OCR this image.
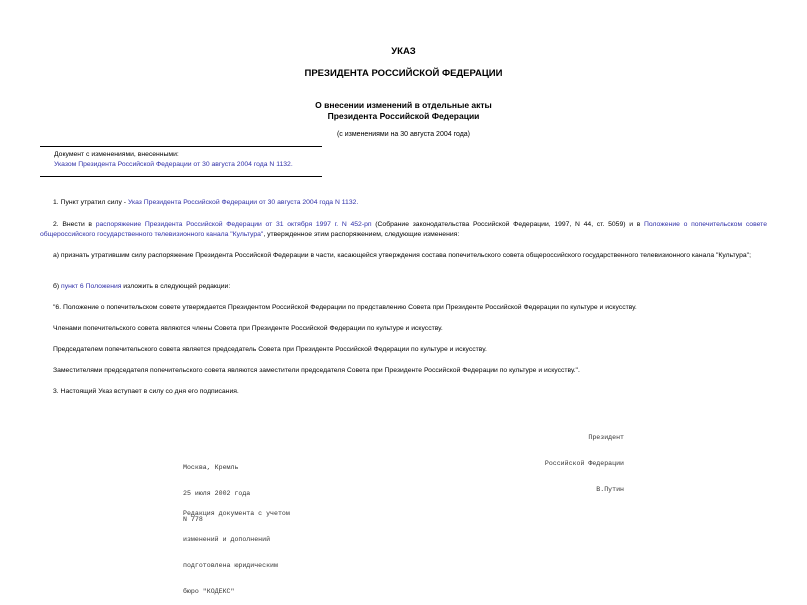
УКАЗ
ПРЕЗИДЕНТА РОССИЙСКОЙ ФЕДЕРАЦИИ
О внесении изменений в отдельные акты
Президента Российской Федерации
(с изменениями на 30 августа 2004 года)
Документ с изменениями, внесенными:
Указом Президента Российской Федерации от 30 августа 2004 года N 1132.
1. Пункт утратил силу - Указ Президента Российской Федерации от 30 августа 2004 года N 1132.
2. Внести в распоряжение Президента Российской Федерации от 31 октября 1997 г. N 452-рп (Собрание законодательства Российской Федерации, 1997, N 44, ст. 5059) и в Положение о попечительском совете общероссийского государственного телевизионного канала "Культура", утвержденное этим распоряжением, следующие изменения:
а) признать утратившим силу распоряжение Президента Российской Федерации в части, касающейся утверждения состава попечительского совета общероссийского государственного телевизионного канала "Культура";
б) пункт 6 Положения изложить в следующей редакции:
"6. Положение о попечительском совете утверждается Президентом Российской Федерации по представлению Совета при Президенте Российской Федерации по культуре и искусству.
Членами попечительского совета являются члены Совета при Президенте Российской Федерации по культуре и искусству.
Председателем попечительского совета является председатель Совета при Президенте Российской Федерации по культуре и искусству.
Заместителями председателя попечительского совета являются заместители председателя Совета при Президенте Российской Федерации по культуре и искусству.".
3. Настоящий Указ вступает в силу со дня его подписания.

Президент

Российской Федерации

В.Путин

Москва, Кремль

25 июля 2002 года

N 778

Редакция документа с учетом

изменений и дополнений

подготовлена юридическим

бюро "КОДЕКС"
